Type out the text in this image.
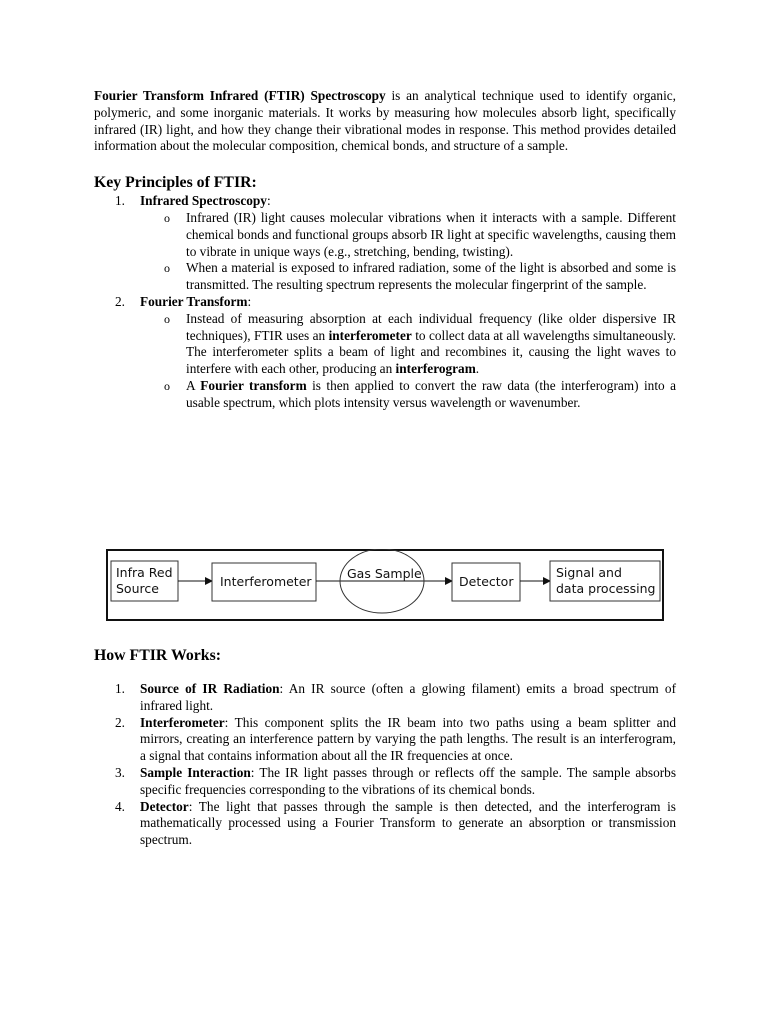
Fourier Transform Infrared (FTIR) Spectroscopy is an analytical technique used to identify organic, polymeric, and some inorganic materials. It works by measuring how molecules absorb light, specifically infrared (IR) light, and how they change their vibrational modes in response. This method provides detailed information about the molecular composition, chemical bonds, and structure of a sample.

Key Principles of FTIR:
1. Infrared Spectroscopy:
o Infrared (IR) light causes molecular vibrations when it interacts with a sample. Different chemical bonds and functional groups absorb IR light at specific wavelengths, causing them to vibrate in unique ways (e.g., stretching, bending, twisting).
o When a material is exposed to infrared radiation, some of the light is absorbed and some is transmitted. The resulting spectrum represents the molecular fingerprint of the sample.
2. Fourier Transform:
o Instead of measuring absorption at each individual frequency (like older dispersive IR techniques), FTIR uses an interferometer to collect data at all wavelengths simultaneously. The interferometer splits a beam of light and recombines it, causing the light waves to interfere with each other, producing an interferogram.
o A Fourier transform is then applied to convert the raw data (the interferogram) into a usable spectrum, which plots intensity versus wavelength or wavenumber.
Infra Red
Source	Interferometer
Gas Sample
Detector
Signal and
data processing
How FTIR Works:
1. Source of IR Radiation: An IR source (often a glowing filament) emits a broad spectrum of infrared light.
2. Interferometer: This component splits the IR beam into two paths using a beam splitter and mirrors, creating an interference pattern by varying the path lengths. The result is an interferogram, a signal that contains information about all the IR frequencies at once.
3. Sample Interaction: The IR light passes through or reflects off the sample. The sample absorbs specific frequencies corresponding to the vibrations of its chemical bonds.
4. Detector: The light that passes through the sample is then detected, and the interferogram is mathematically processed using a Fourier Transform to generate an absorption or transmission spectrum.
